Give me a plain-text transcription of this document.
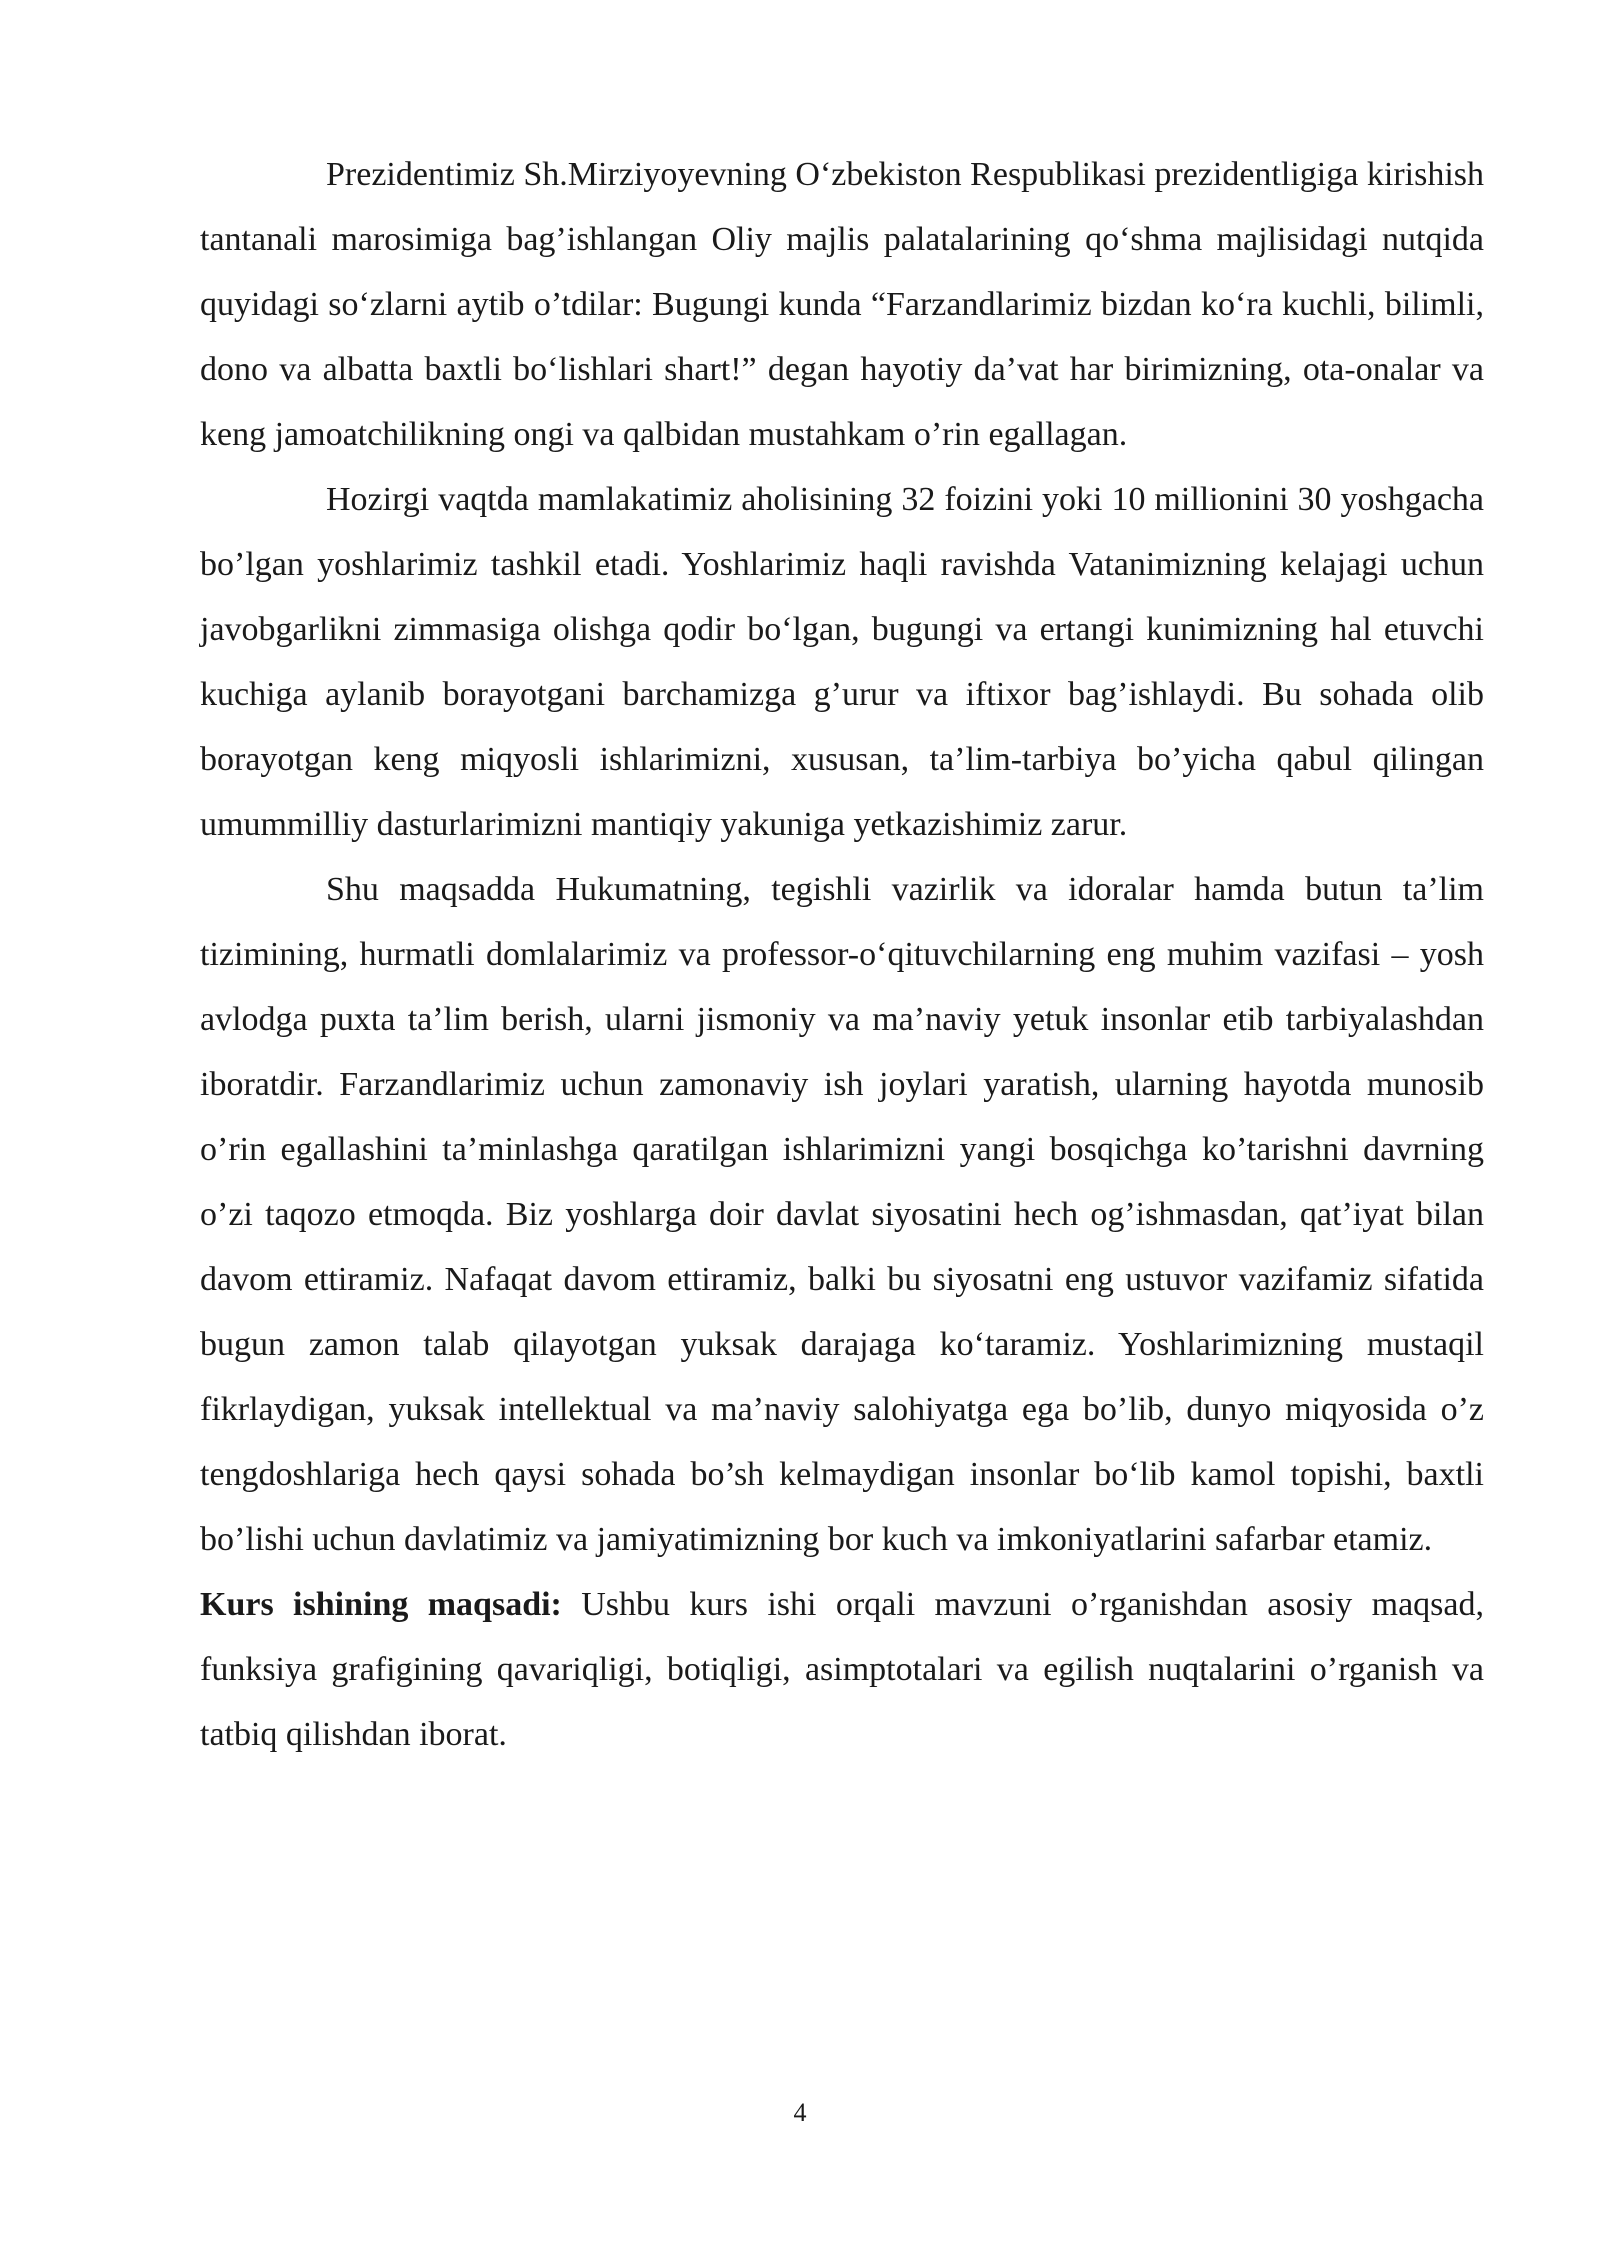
Prezidentimiz Sh.Mirziyoyevning O‘zbekiston Respublikasi prezidentligiga kirishish tantanali marosimiga bag’ishlangan Oliy majlis palatalarining qo‘shma majlisidagi nutqida quyidagi so‘zlarni aytib o’tdilar: Bugungi kunda “Farzandlarimiz bizdan ko‘ra kuchli, bilimli, dono va albatta baxtli bo‘lishlari shart!” degan hayotiy da’vat har birimizning, ota-onalar va keng jamoatchilikning ongi va qalbidan mustahkam o’rin egallagan.

Hozirgi vaqtda mamlakatimiz aholisining 32 foizini yoki 10 millionini 30 yoshgacha bo’lgan yoshlarimiz tashkil etadi. Yoshlarimiz haqli ravishda Vatanimizning kelajagi uchun javobgarlikni zimmasiga olishga qodir bo‘lgan, bugungi va ertangi kunimizning hal etuvchi kuchiga aylanib borayotgani barchamizga g’urur va iftixor bag’ishlaydi. Bu sohada olib borayotgan keng miqyosli ishlarimizni, xususan, ta’lim-tarbiya bo’yicha qabul qilingan umummilliy dasturlarimizni mantiqiy yakuniga yetkazishimiz zarur.

Shu maqsadda Hukumatning, tegishli vazirlik va idoralar hamda butun ta’lim tizimining, hurmatli domlalarimiz va professor-o‘qituvchilarning eng muhim vazifasi – yosh avlodga puxta ta’lim berish, ularni jismoniy va ma’naviy yetuk insonlar etib tarbiyalashdan iboratdir. Farzandlarimiz uchun zamonaviy ish joylari yaratish, ularning hayotda munosib o’rin egallashini ta’minlashga qaratilgan ishlarimizni yangi bosqichga ko’tarishni davrning o’zi taqozo etmoqda. Biz yoshlarga doir davlat siyosatini hech og’ishmasdan, qat’iyat bilan davom ettiramiz. Nafaqat davom ettiramiz, balki bu siyosatni eng ustuvor vazifamiz sifatida bugun zamon talab qilayotgan yuksak darajaga ko‘taramiz. Yoshlarimizning mustaqil fikrlaydigan, yuksak intellektual va ma’naviy salohiyatga ega bo’lib, dunyo miqyosida o’z tengdoshlariga hech qaysi sohada bo’sh kelmaydigan insonlar bo‘lib kamol topishi, baxtli bo’lishi uchun davlatimiz va jamiyatimizning bor kuch va imkoniyatlarini safarbar etamiz.

Kurs ishining maqsadi: Ushbu kurs ishi orqali mavzuni o’rganishdan asosiy maqsad, funksiya grafigining qavariqligi, botiqligi, asimptotalari va egilish nuqtalarini o’rganish va tatbiq qilishdan iborat.

4
